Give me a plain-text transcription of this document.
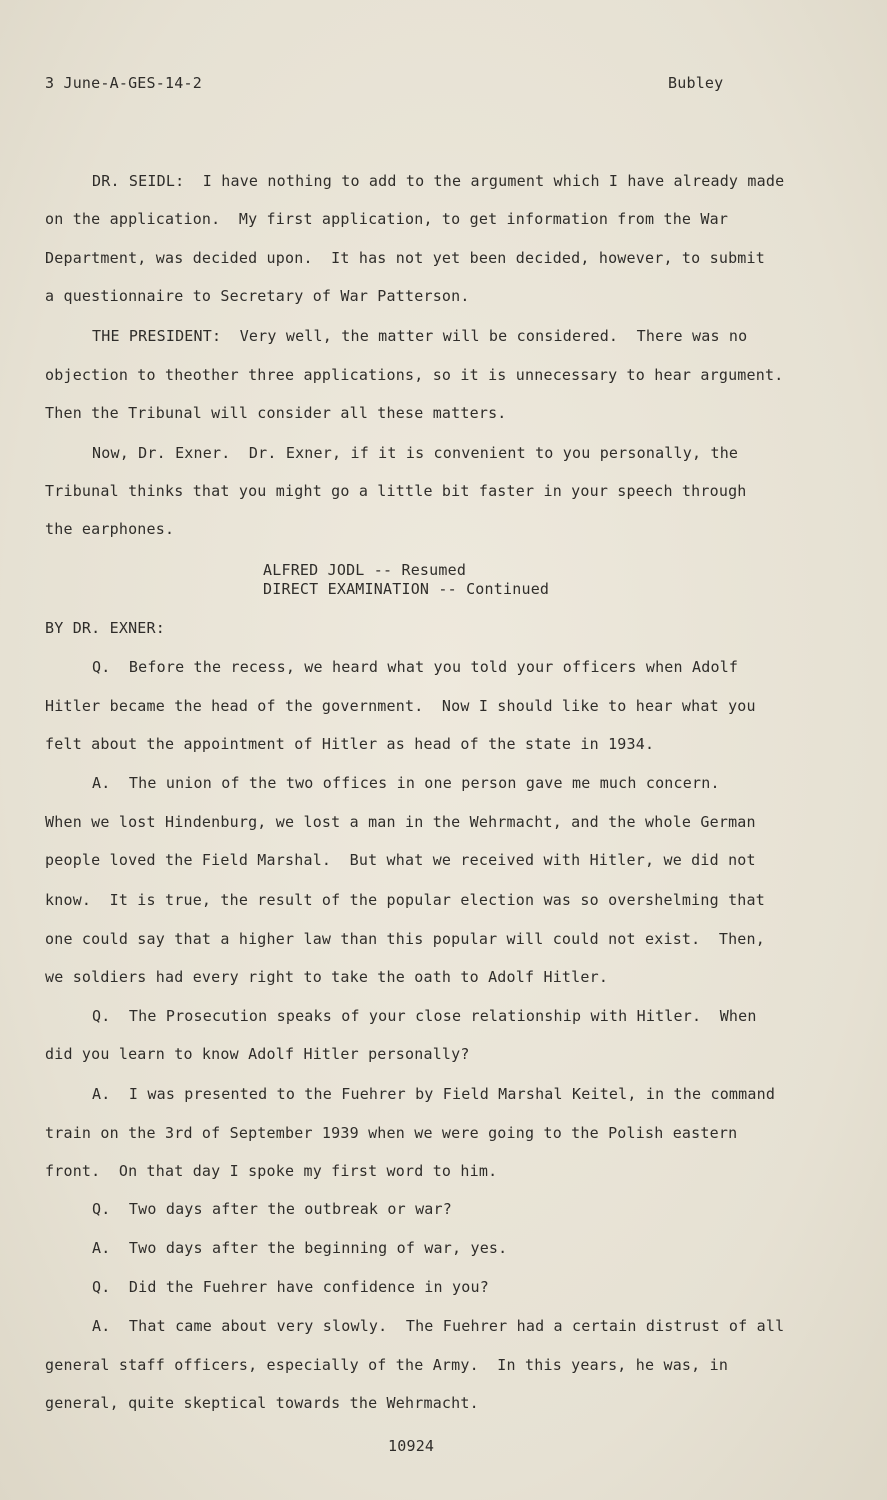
3 June-A-GES-14-2	Bubley
DR. SEIDL:  I have nothing to add to the argument which I have already made
on the application.  My first application, to get information from the War
Department, was decided upon.  It has not yet been decided, however, to submit
a questionnaire to Secretary of War Patterson.
THE PRESIDENT:  Very well, the matter will be considered.  There was no
objection to theother three applications, so it is unnecessary to hear argument.
Then the Tribunal will consider all these matters.
Now, Dr. Exner.  Dr. Exner, if it is convenient to you personally, the
Tribunal thinks that you might go a little bit faster in your speech through
the earphones.
ALFRED JODL -- Resumed
DIRECT EXAMINATION -- Continued
BY DR. EXNER:
Q.  Before the recess, we heard what you told your officers when Adolf
Hitler became the head of the government.  Now I should like to hear what you
felt about the appointment of Hitler as head of the state in 1934.
A.  The union of the two offices in one person gave me much concern.
When we lost Hindenburg, we lost a man in the Wehrmacht, and the whole German
people loved the Field Marshal.  But what we received with Hitler, we did not
know.  It is true, the result of the popular election was so overshelming that
one could say that a higher law than this popular will could not exist.  Then,
we soldiers had every right to take the oath to Adolf Hitler.
Q.  The Prosecution speaks of your close relationship with Hitler.  When
did you learn to know Adolf Hitler personally?
A.  I was presented to the Fuehrer by Field Marshal Keitel, in the command
train on the 3rd of September 1939 when we were going to the Polish eastern
front.  On that day I spoke my first word to him.
Q.  Two days after the outbreak or war?
A.  Two days after the beginning of war, yes.
Q.  Did the Fuehrer have confidence in you?
A.  That came about very slowly.  The Fuehrer had a certain distrust of all
general staff officers, especially of the Army.  In this years, he was, in
general, quite skeptical towards the Wehrmacht.
10924
